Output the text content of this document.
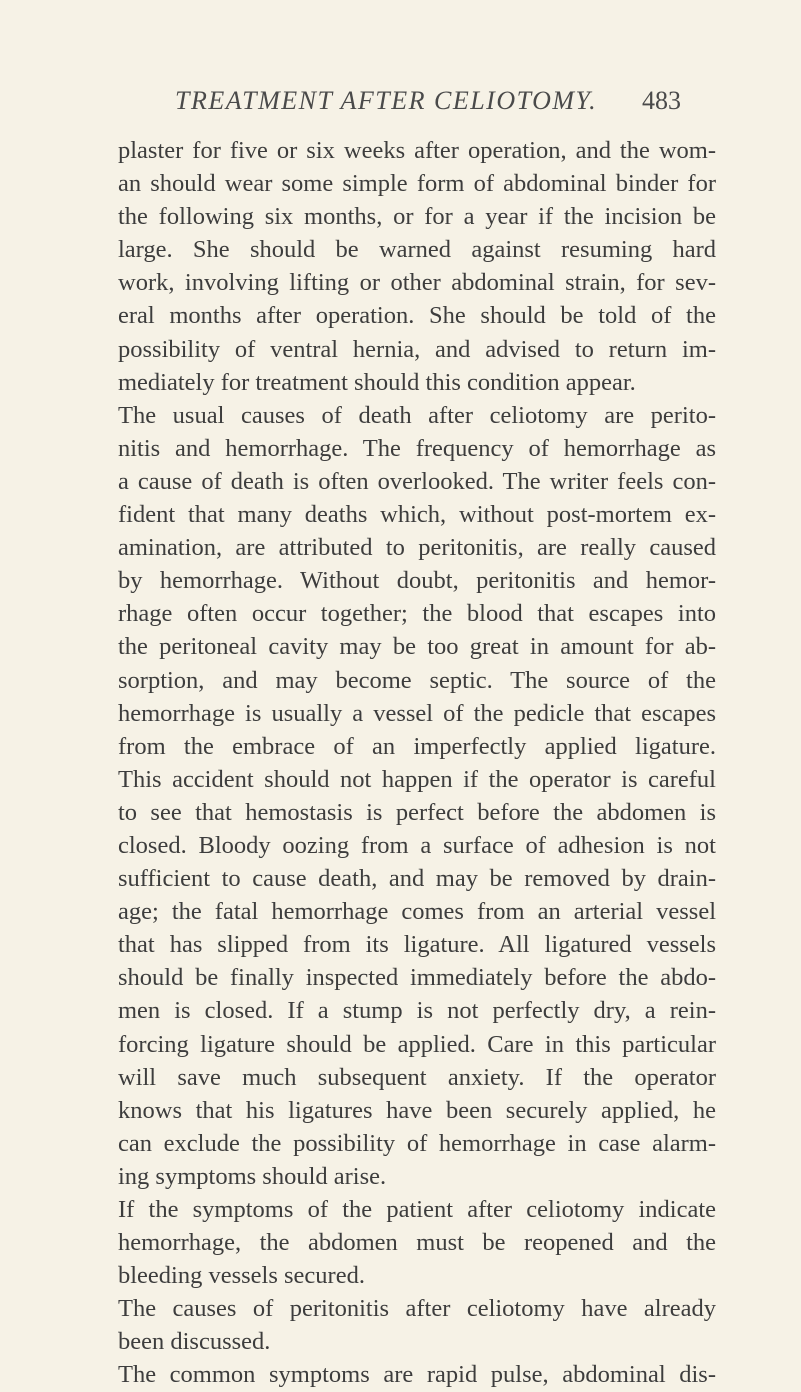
TREATMENT AFTER CELIOTOMY. 483
plaster for five or six weeks after operation, and the wom-
an should wear some simple form of abdominal binder for
the following six months, or for a year if the incision be
large. She should be warned against resuming hard
work, involving lifting or other abdominal strain, for sev-
eral months after operation. She should be told of the
possibility of ventral hernia, and advised to return im-
mediately for treatment should this condition appear.
The usual causes of death after celiotomy are perito-
nitis and hemorrhage. The frequency of hemorrhage as
a cause of death is often overlooked. The writer feels con-
fident that many deaths which, without post-mortem ex-
amination, are attributed to peritonitis, are really caused
by hemorrhage. Without doubt, peritonitis and hemor-
rhage often occur together; the blood that escapes into
the peritoneal cavity may be too great in amount for ab-
sorption, and may become septic. The source of the
hemorrhage is usually a vessel of the pedicle that escapes
from the embrace of an imperfectly applied ligature.
This accident should not happen if the operator is careful
to see that hemostasis is perfect before the abdomen is
closed. Bloody oozing from a surface of adhesion is not
sufficient to cause death, and may be removed by drain-
age; the fatal hemorrhage comes from an arterial vessel
that has slipped from its ligature. All ligatured vessels
should be finally inspected immediately before the abdo-
men is closed. If a stump is not perfectly dry, a rein-
forcing ligature should be applied. Care in this particular
will save much subsequent anxiety. If the operator
knows that his ligatures have been securely applied, he
can exclude the possibility of hemorrhage in case alarm-
ing symptoms should arise.
If the symptoms of the patient after celiotomy indicate
hemorrhage, the abdomen must be reopened and the
bleeding vessels secured.
The causes of peritonitis after celiotomy have already
been discussed.
The common symptoms are rapid pulse, abdominal dis-
